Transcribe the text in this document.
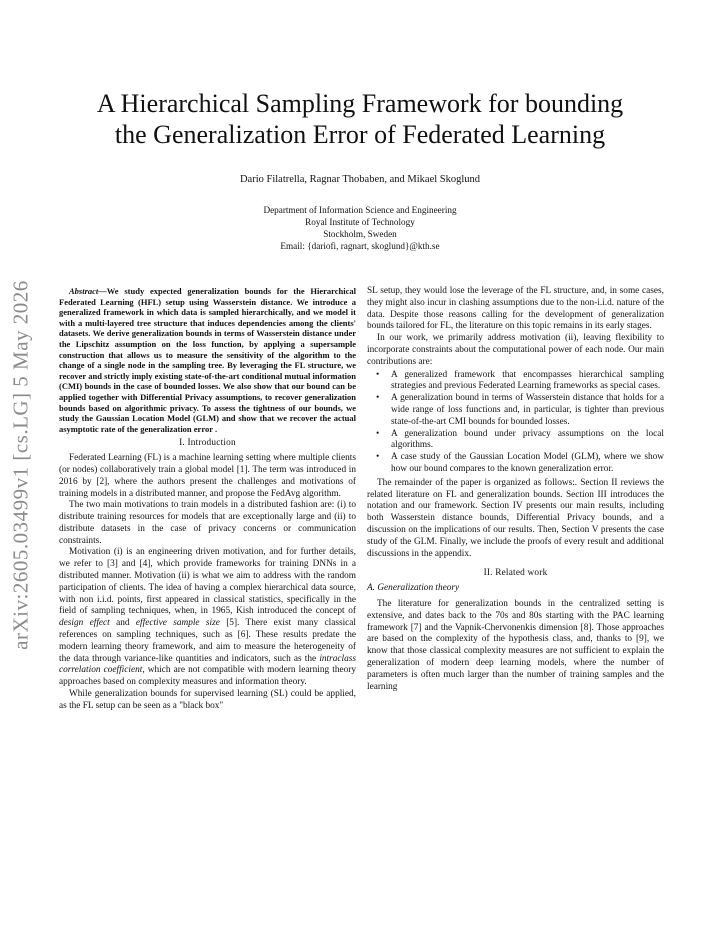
arXiv:2605.03499v1 [cs.LG] 5 May 2026
A Hierarchical Sampling Framework for bounding
the Generalization Error of Federated Learning
Dario Filatrella, Ragnar Thobaben, and Mikael Skoglund
Department of Information Science and Engineering
Royal Institute of Technology
Stockholm, Sweden
Email: {dariofi, ragnart, skoglund}@kth.se

Abstract—We study expected generalization bounds for the Hierarchical Federated Learning (HFL) setup using Wasserstein distance. We introduce a generalized framework in which data is sampled hierarchically, and we model it with a multi-layered tree structure that induces dependencies among the clients' datasets. We derive generalization bounds in terms of Wasserstein distance under the Lipschitz assumption on the loss function, by applying a supersample construction that allows us to measure the sensitivity of the algorithm to the change of a single node in the sampling tree. By leveraging the FL structure, we recover and strictly imply existing state-of-the-art conditional mutual information (CMI) bounds in the case of bounded losses. We also show that our bound can be applied together with Differential Privacy assumptions, to recover generalization bounds based on algorithmic privacy. To assess the tightness of our bounds, we study the Gaussian Location Model (GLM) and show that we recover the actual asymptotic rate of the generalization error .

I. Introduction

Federated Learning (FL) is a machine learning setting where multiple clients (or nodes) collaboratively train a global model [1]. The term was introduced in 2016 by [2], where the authors present the challenges and motivations of training models in a distributed manner, and propose the FedAvg algorithm.

The two main motivations to train models in a distributed fashion are: (i) to distribute training resources for models that are exceptionally large and (ii) to distribute datasets in the case of privacy concerns or communication constraints.

Motivation (i) is an engineering driven motivation, and for further details, we refer to [3] and [4], which provide frameworks for training DNNs in a distributed manner. Motivation (ii) is what we aim to address with the random participation of clients. The idea of having a complex hierarchical data source, with non i.i.d. points, first appeared in classical statistics, specifically in the field of sampling techniques, when, in 1965, Kish introduced the concept of design effect and effective sample size [5]. There exist many classical references on sampling techniques, such as [6]. These results predate the modern learning theory framework, and aim to measure the heterogeneity of the data through variance-like quantities and indicators, such as the intraclass correlation coefficient, which are not compatible with modern learning theory approaches based on complexity measures and information theory.

While generalization bounds for supervised learning (SL) could be applied, as the FL setup can be seen as a "black box"

SL setup, they would lose the leverage of the FL structure, and, in some cases, they might also incur in clashing assumptions due to the non-i.i.d. nature of the data. Despite those reasons calling for the development of generalization bounds tailored for FL, the literature on this topic remains in its early stages.

In our work, we primarily address motivation (ii), leaving flexibility to incorporate constraints about the computational power of each node. Our main contributions are:

• A generalized framework that encompasses hierarchical sampling strategies and previous Federated Learning frameworks as special cases.
• A generalization bound in terms of Wasserstein distance that holds for a wide range of loss functions and, in particular, is tighter than previous state-of-the-art CMI bounds for bounded losses.
• A generalization bound under privacy assumptions on the local algorithms.
• A case study of the Gaussian Location Model (GLM), where we show how our bound compares to the known generalization error.

The remainder of the paper is organized as follows:. Section II reviews the related literature on FL and generalization bounds. Section III introduces the notation and our framework. Section IV presents our main results, including both Wasserstein distance bounds, Differential Privacy bounds, and a discussion on the implications of our results. Then, Section V presents the case study of the GLM. Finally, we include the proofs of every result and additional discussions in the appendix.

II. Related work
A. Generalization theory

The literature for generalization bounds in the centralized setting is extensive, and dates back to the 70s and 80s starting with the PAC learning framework [7] and the Vapnik-Chervonenkis dimension [8]. Those approaches are based on the complexity of the hypothesis class, and, thanks to [9], we know that those classical complexity measures are not sufficient to explain the generalization of modern deep learning models, where the number of parameters is often much larger than the number of training samples and the learning
